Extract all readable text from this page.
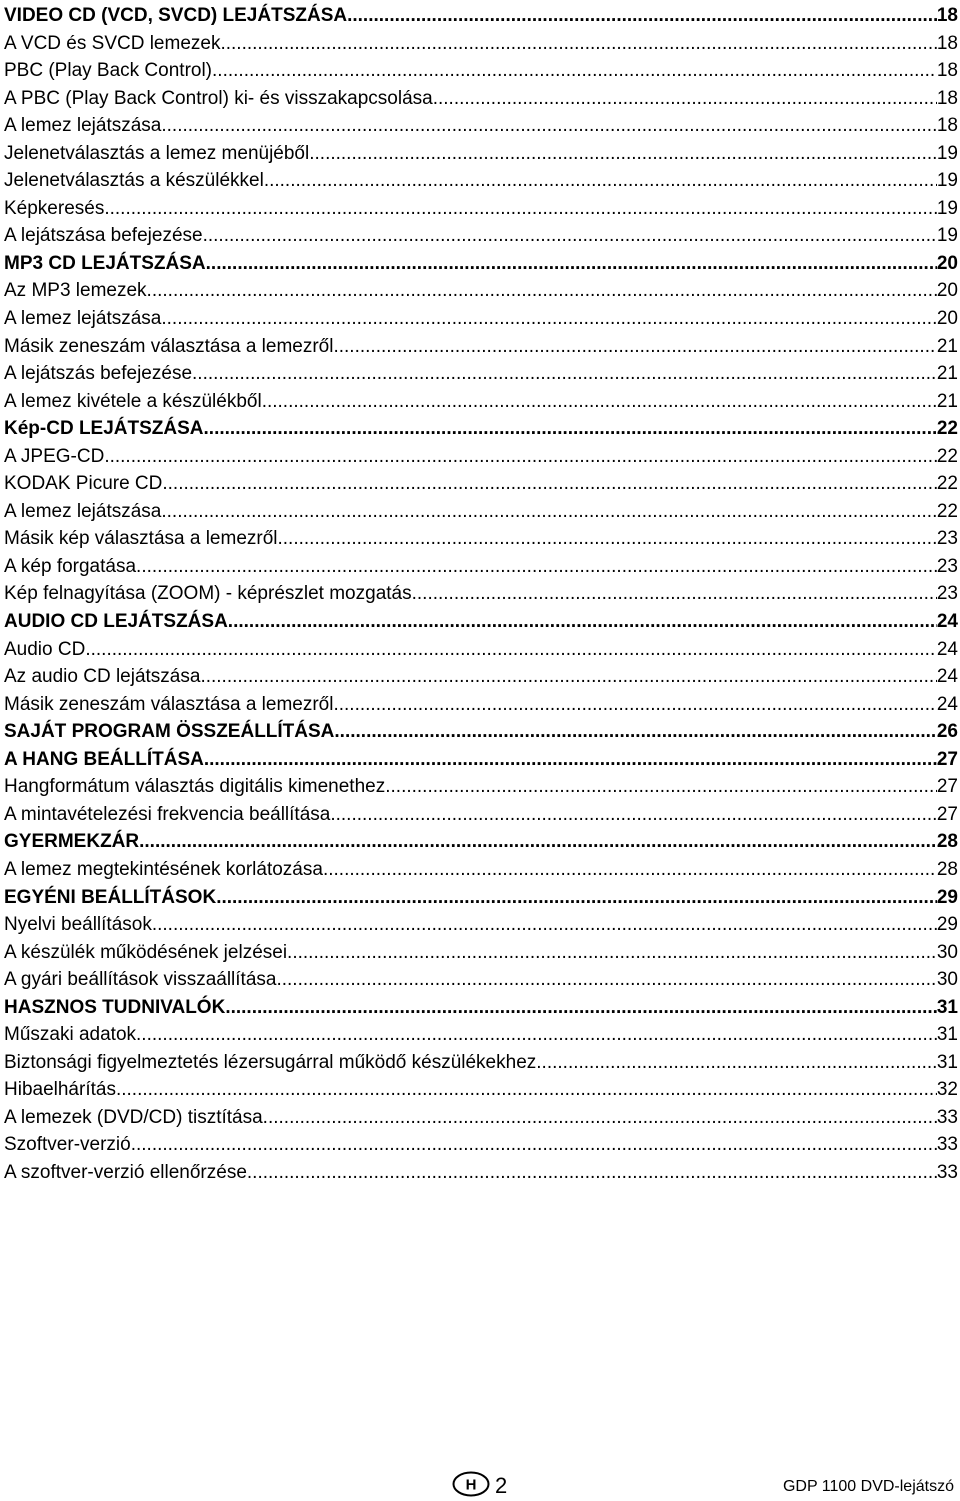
VIDEO CD (VCD, SVCD) LEJÁTSZÁSA .....	18
A VCD és SVCD lemezek .....	18
PBC (Play Back Control) .....	18
A PBC (Play Back Control) ki- és visszakapcsolása .....	18
A lemez lejátszása .....	18
Jelenetválasztás a lemez menüjéből .....	19
Jelenetválasztás a készülékkel .....	19
Képkeresés .....	19
A lejátszása befejezése .....	19
MP3 CD LEJÁTSZÁSA .....	20
Az MP3 lemezek .....	20
A lemez lejátszása .....	20
Másik zeneszám választása a lemezről .....	21
A lejátszás befejezése .....	21
A lemez kivétele a készülékből .....	21
Kép-CD LEJÁTSZÁSA .....	22
A JPEG-CD .....	22
KODAK Picure CD .....	22
A lemez lejátszása .....	22
Másik kép választása a lemezről .....	23
A kép forgatása .....	23
Kép felnagyítása (ZOOM) - képrészlet mozgatás .....	23
AUDIO CD LEJÁTSZÁSA .....	24
Audio CD .....	24
Az audio CD lejátszása .....	24
Másik zeneszám választása a lemezről .....	24
SAJÁT PROGRAM ÖSSZEÁLLÍTÁSA .....	26
A HANG BEÁLLÍTÁSA .....	27
Hangformátum választás digitális kimenethez .....	27
A mintavételezési frekvencia beállítása .....	27
GYERMEKZÁR .....	28
A lemez megtekintésének korlátozása .....	28
EGYÉNI BEÁLLÍTÁSOK .....	29
Nyelvi beállítások .....	29
A készülék működésének jelzései .....	30
A gyári beállítások visszaállítása .....	30
HASZNOS TUDNIVALÓK .....	31
Műszaki adatok .....	31
Biztonsági figyelmeztetés lézersugárral működő készülékekhez .....	31
Hibaelhárítás .....	32
A lemezek (DVD/CD) tisztítása .....	33
Szoftver-verzió .....	33
A szoftver-verzió ellenőrzése .....	33
H 2	GDP 1100 DVD-lejátszó
